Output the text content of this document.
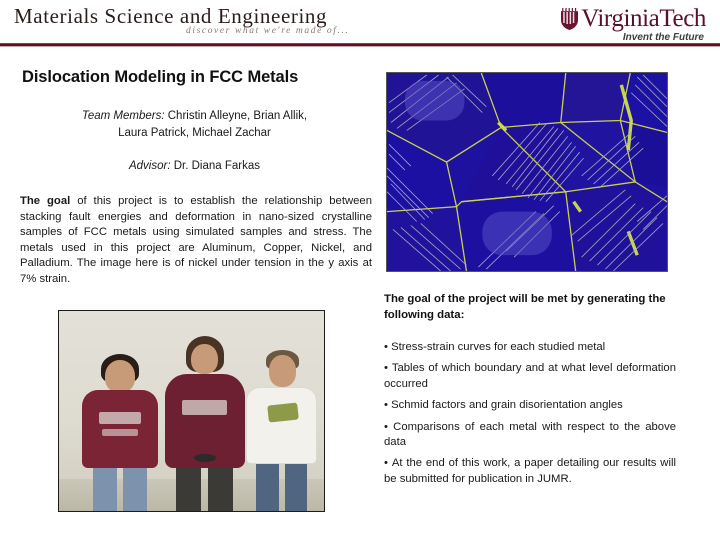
Materials Science and Engineering
discover what we're made of...	VirginiaTech
Invent the Future
Dislocation Modeling in FCC Metals
Team Members: Christin Alleyne, Brian Allik,
Laura Patrick, Michael Zachar
Advisor: Dr. Diana Farkas
The goal of this project is to establish the relationship between stacking fault energies and deformation in nano-sized crystalline samples of FCC metals using simulated samples and stress. The metals used in this project are Aluminum, Copper, Nickel, and Palladium. The image here is of nickel under tension in the y axis at 7% strain.
The goal of the project will be met by generating the following data:
• Stress-strain curves for each studied metal
• Tables of which boundary and at what level deformation occurred
• Schmid factors and grain disorientation angles
• Comparisons of each metal with respect to the above data
• At the end of this work, a paper detailing our results will be submitted for publication in JUMR.
